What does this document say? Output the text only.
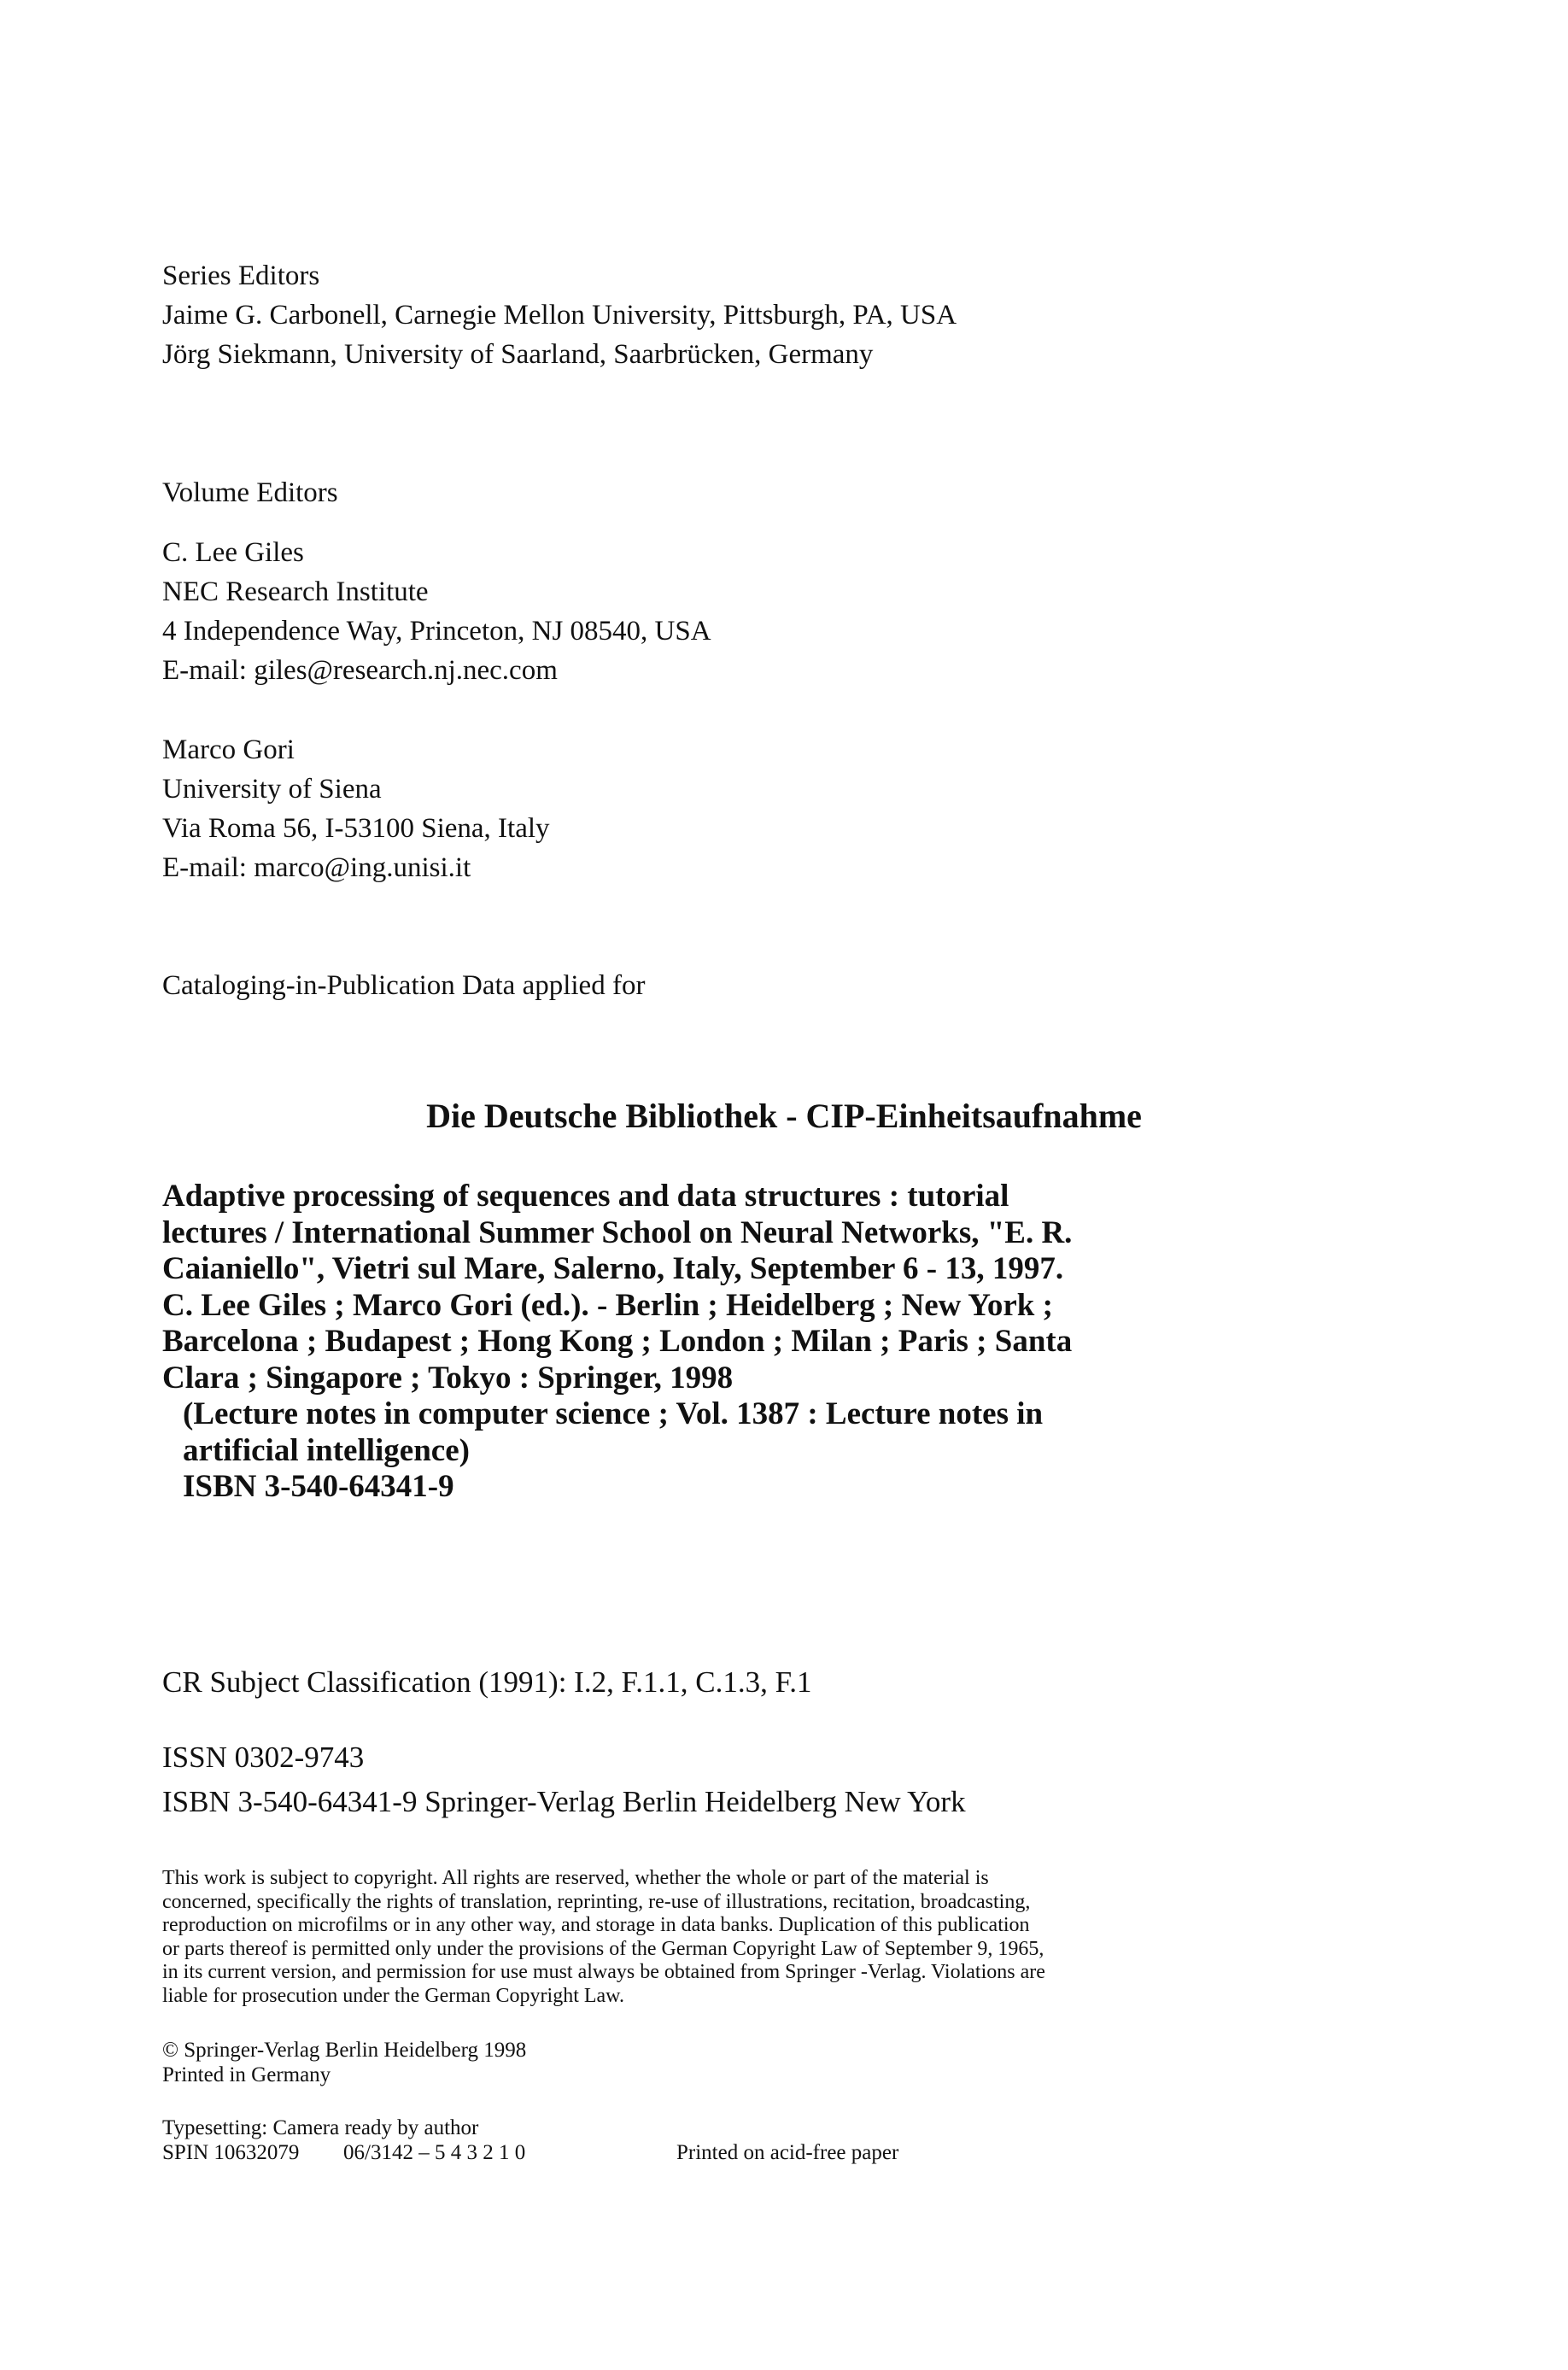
Series Editors
Jaime G. Carbonell, Carnegie Mellon University, Pittsburgh, PA, USA
Jörg Siekmann, University of Saarland, Saarbrücken, Germany
Volume Editors
C. Lee Giles
NEC Research Institute
4 Independence Way, Princeton, NJ 08540, USA
E-mail: giles@research.nj.nec.com
Marco Gori
University of Siena
Via Roma 56, I-53100 Siena, Italy
E-mail: marco@ing.unisi.it
Cataloging-in-Publication Data applied for
Die Deutsche Bibliothek - CIP-Einheitsaufnahme
Adaptive processing of sequences and data structures : tutorial
lectures / International Summer School on Neural Networks, "E. R.
Caianiello", Vietri sul Mare, Salerno, Italy, September 6 - 13, 1997.
C. Lee Giles ; Marco Gori (ed.). - Berlin ; Heidelberg ; New York ;
Barcelona ; Budapest ; Hong Kong ; London ; Milan ; Paris ; Santa
Clara ; Singapore ; Tokyo : Springer, 1998
(Lecture notes in computer science ; Vol. 1387 : Lecture notes in
artificial intelligence)
ISBN 3-540-64341-9
CR Subject Classification (1991): I.2, F.1.1, C.1.3, F.1
ISSN 0302-9743
ISBN 3-540-64341-9 Springer-Verlag Berlin Heidelberg New York
This work is subject to copyright. All rights are reserved, whether the whole or part of the material is
concerned, specifically the rights of translation, reprinting, re-use of illustrations, recitation, broadcasting,
reproduction on microfilms or in any other way, and storage in data banks. Duplication of this publication
or parts thereof is permitted only under the provisions of the German Copyright Law of September 9, 1965,
in its current version, and permission for use must always be obtained from Springer -Verlag. Violations are
liable for prosecution under the German Copyright Law.
© Springer-Verlag Berlin Heidelberg 1998
Printed in Germany
Typesetting: Camera ready by author
SPIN 10632079	06/3142 – 5 4 3 2 1 0	Printed on acid-free paper
